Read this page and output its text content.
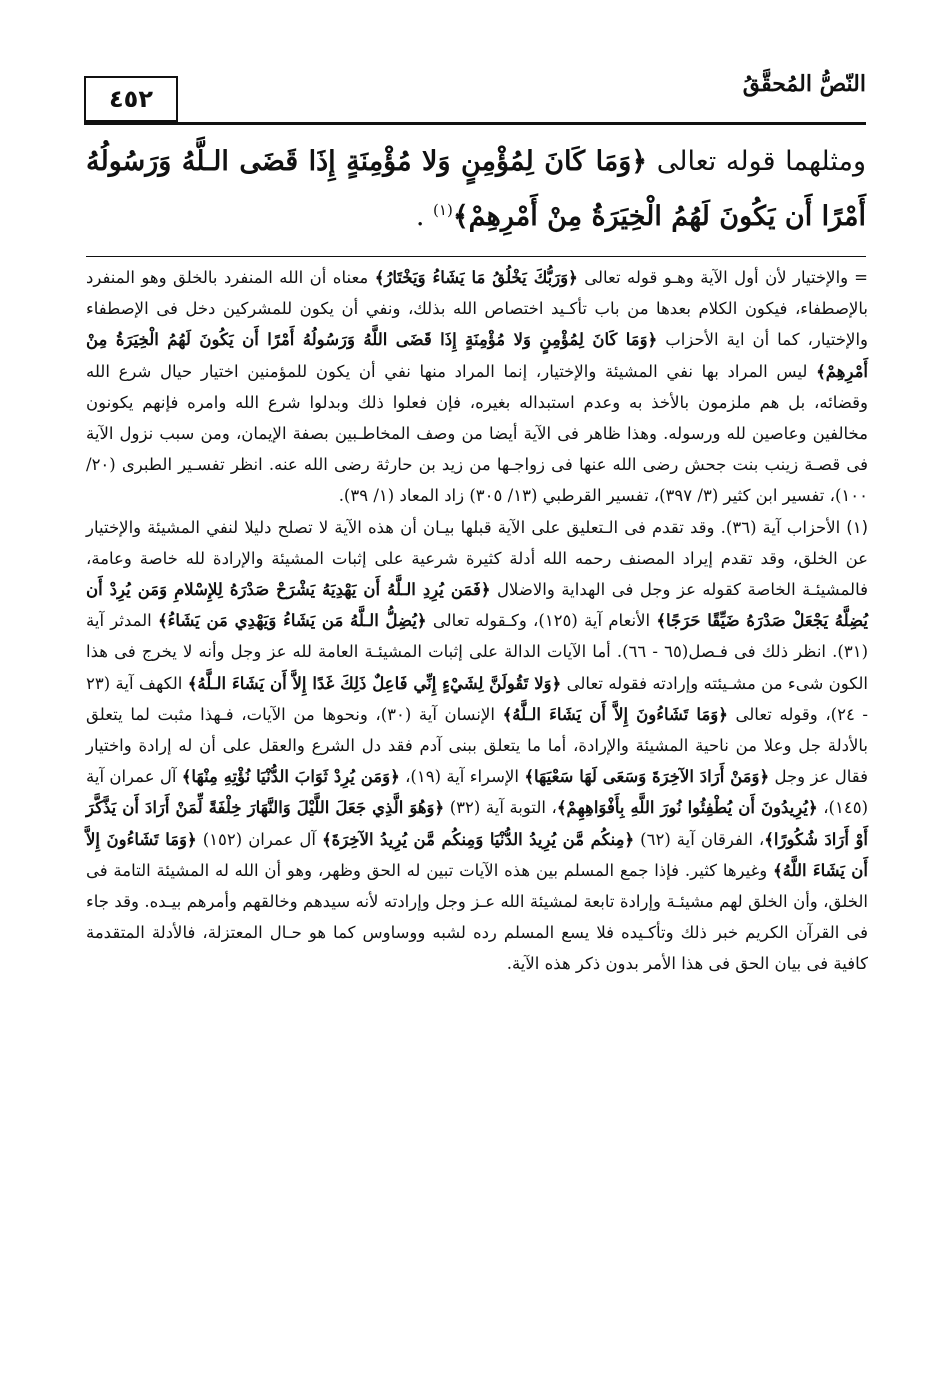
النّصُّ المُحقَّقُ
٤٥٢
ومثلهما قوله تعالى ﴿وَمَا كَانَ لِمُؤْمِنٍ وَلا مُؤْمِنَةٍ إِذَا قَضَى الـلَّهُ وَرَسُولُهُ أَمْرًا أَن يَكُونَ لَهُمُ الْخِيَرَةُ مِنْ أَمْرِهِمْ﴾$^{(١)}$ .
=والإختيار لأن أول الآية وهـو قوله تعالى ﴿وَرَبُّكَ يَخْلُقُ مَا يَشَاءُ وَيَخْتَارُ﴾ معناه أن الله المنفرد بالخلق وهو المنفرد بالإصطفاء، فيكون الكلام بعدها من باب تأكـيد اختصاص الله بذلك، ونفي أن يكون للمشركين دخل فى الإصطفاء والإختيار، كما أن اية الأحزاب ﴿وَمَا كَانَ لِمُؤْمِنٍ وَلا مُؤْمِنَةٍ إِذَا قَضَى اللَّهُ وَرَسُولُهُ أَمْرًا أَن يَكُونَ لَهُمُ الْخِيَرَةُ مِنْ أَمْرِهِمْ﴾ ليس المراد بها نفي المشيئة والإختيار، إنما المراد منها نفي أن يكون للمؤمنين اختيار حيال شرع الله وقضائه، بل هم ملزمون بالأخذ به وعدم استبداله بغيره، فإن فعلوا ذلك وبدلوا شرع الله وامره فإنهم يكونون مخالفين وعاصين لله ورسوله. وهذا ظاهر فى الآية أيضا من وصف المخاطـبين بصفة الإيمان، ومن سبب نزول الآية فى قصـة زينب بنت جحش رضى الله عنها فى زواجـها من زيد بن حارثة رضى الله عنه. انظر تفسـير الطبرى (٢٠/ ١٠٠)، تفسير ابن كثير (٣/ ٣٩٧)، تفسير القرطبي (١٣/ ٣٠٥) زاد المعاد (١/ ٣٩).
(١)الأحزاب آية (٣٦). وقد تقدم فى الـتعليق على الآية قبلها بيـان أن هذه الآية لا تصلح دليلا لنفي المشيئة والإختيار عن الخلق، وقد تقدم إيراد المصنف رحمه الله أدلة كثيرة شرعية على إثبات المشيئة والإرادة لله خاصة وعامة، فالمشيئـة الخاصة كقوله عز وجل فى الهداية والاضلال ﴿فَمَن يُرِدِ الـلَّهُ أَن يَهْدِيَهُ يَشْرَحْ صَدْرَهُ لِلإِسْلامِ وَمَن يُرِدْ أَن يُضِلَّهُ يَجْعَلْ صَدْرَهُ ضَيِّقًا حَرَجًا﴾ الأنعام آية (١٢٥)، وكـقوله تعالى ﴿يُضِلُّ الـلَّهُ مَن يَشَاءُ وَيَهْدِي مَن يَشَاءُ﴾ المدثر آية (٣١). انظر ذلك فى فـصل(٦٥ - ٦٦). أما الآيات الدالة على إثبات المشيئـة العامة لله عز وجل وأنه لا يخرج فى هذا الكون شىء من مشـيئته وإرادته فقوله تعالى ﴿وَلا تَقُولَنَّ لِشَيْءٍ إِنِّي فَاعِلٌ ذَلِكَ غَدًا إِلاَّ أَن يَشَاءَ الـلَّهُ﴾ الكهف آية (٢٣ - ٢٤)، وقوله تعالى ﴿وَمَا تَشَاءُونَ إِلاَّ أَن يَشَاءَ الـلَّهُ﴾ الإنسان آية (٣٠)، ونحوها من الآيات، فـهذا مثبت لما يتعلق بالأدلة جل وعلا من ناحية المشيئة والإرادة، أما ما يتعلق ببنى آدم فقد دل الشرع والعقل على أن له إرادة واختيار فقال عز وجل ﴿وَمَنْ أَرَادَ الآخِرَةَ وَسَعَى لَهَا سَعْيَهَا﴾ الإسراء آية (١٩)، ﴿وَمَن يُرِدْ ثَوَابَ الدُّنْيَا نُؤْتِهِ مِنْهَا﴾ آل عمران آية (١٤٥)، ﴿يُرِيدُونَ أَن يُطْفِئُوا نُورَ اللَّهِ بِأَفْوَاهِهِمْ﴾، التوبة آية (٣٢) ﴿وَهُوَ الَّذِي جَعَلَ اللَّيْلَ وَالنَّهَارَ خِلْفَةً لِّمَنْ أَرَادَ أَن يَذَّكَّرَ أَوْ أَرَادَ شُكُورًا﴾، الفرقان آية (٦٢) ﴿مِنكُم مَّن يُرِيدُ الدُّنْيَا وَمِنكُم مَّن يُرِيدُ الآخِرَةَ﴾ آل عمران (١٥٢) ﴿وَمَا تَشَاءُونَ إِلاَّ أَن يَشَاءَ اللَّهُ﴾ وغيرها كثير. فإذا جمع المسلم بين هذه الآيات تبين له الحق وظهر، وهو أن الله له المشيئة التامة فى الخلق، وأن الخلق لهم مشيئـة وإرادة تابعة لمشيئة الله عـز وجل وإرادته لأنه سيدهم وخالقهم وأمرهم بيـده. وقد جاء فى القرآن الكريم خبر ذلك وتأكـيده فلا يسع المسلم رده لشبه ووساوس كما هو حـال المعتزلة، فالأدلة المتقدمة كافية فى بيان الحق فى هذا الأمر بدون ذكر هذه الآية.
